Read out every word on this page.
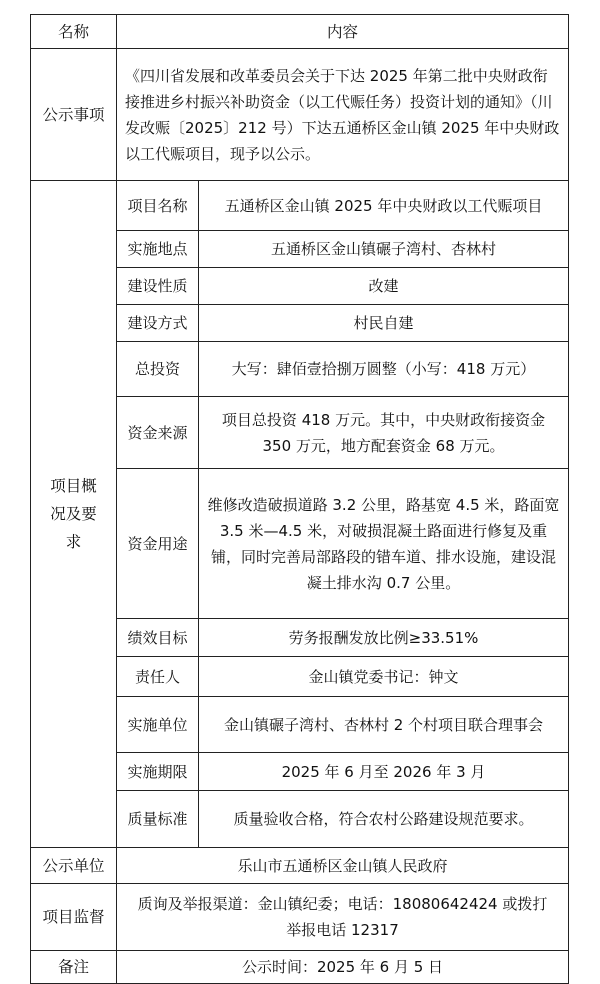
名称	内容	
公示事项	《四川省发展和改革委员会关于下达 2025 年第二批中央财政衔接推进乡村振兴补助资金（以工代赈任务）投资计划的通知》（川发改赈〔2025〕212 号）下达五通桥区金山镇 2025 年中央财政以工代赈项目，现予以公示。	

项目概况及要求	项目名称	五通桥区金山镇 2025 年中央财政以工代赈项目
	实施地点	五通桥区金山镇碾子湾村、杏林村
	建设性质	改建
	建设方式	村民自建
	总投资	大写：肆佰壹拾捌万圆整（小写：418 万元）
	资金来源	项目总投资 418 万元。其中，中央财政衔接资金 350 万元，地方配套资金 68 万元。
	资金用途	维修改造破损道路 3.2 公里，路基宽 4.5 米，路面宽 3.5 米—4.5 米，对破损混凝土路面进行修复及重铺，同时完善局部路段的错车道、排水设施，建设混凝土排水沟 0.7 公里。
	绩效目标	劳务报酬发放比例≥33.51%
	责任人	金山镇党委书记：钟文
	实施单位	金山镇碾子湾村、杏林村 2 个村项目联合理事会
	实施期限	2025 年 6 月至 2026 年 3 月
	质量标准	质量验收合格，符合农村公路建设规范要求。
公示单位	乐山市五通桥区金山镇人民政府	
项目监督	质询及举报渠道：金山镇纪委；电话：18080642424 或拨打举报电话 12317	
备注	公示时间：2025 年 6 月 5 日	
